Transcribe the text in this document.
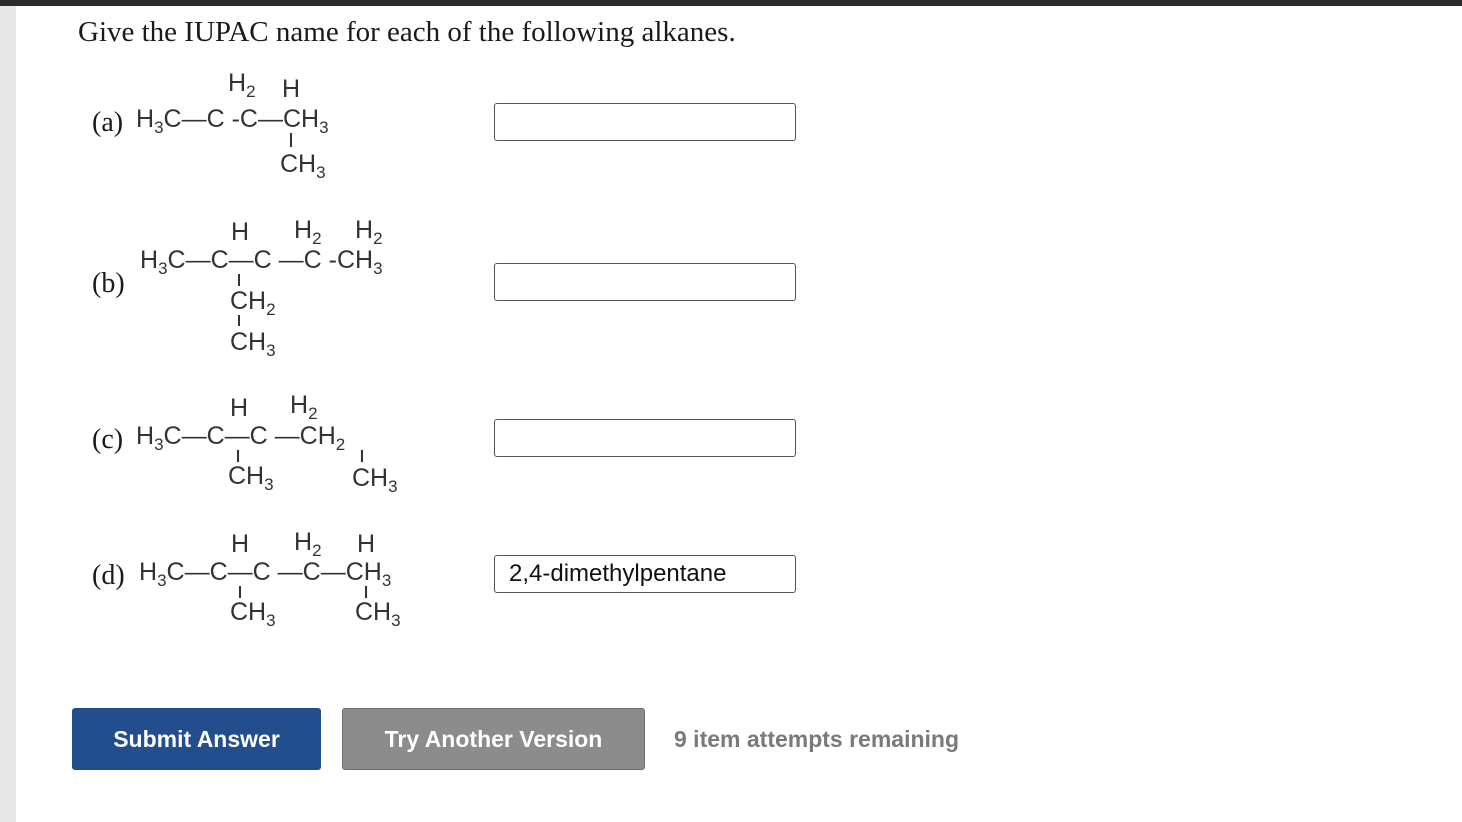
Give the IUPAC name for each of the following alkanes.
(a)
(b)
(c)
(d)
$H_2$ H
$H_3C—C$ $-C—CH_3$
$CH_3$
H $H_2$ $H_2$
$H_3C—C—C$ —C $-CH_3$
$CH_2$
$CH_3$
H $H_2$
$H_3C—C—C$ $—CH_2$
$CH_3$	$CH_3$
H $H_2$ H
$H_3C—C—C$ $—C—CH_3$
$CH_3$	$CH_3$
2,4-dimethylpentane
Submit Answer	Try Another Version	9 item attempts remaining
